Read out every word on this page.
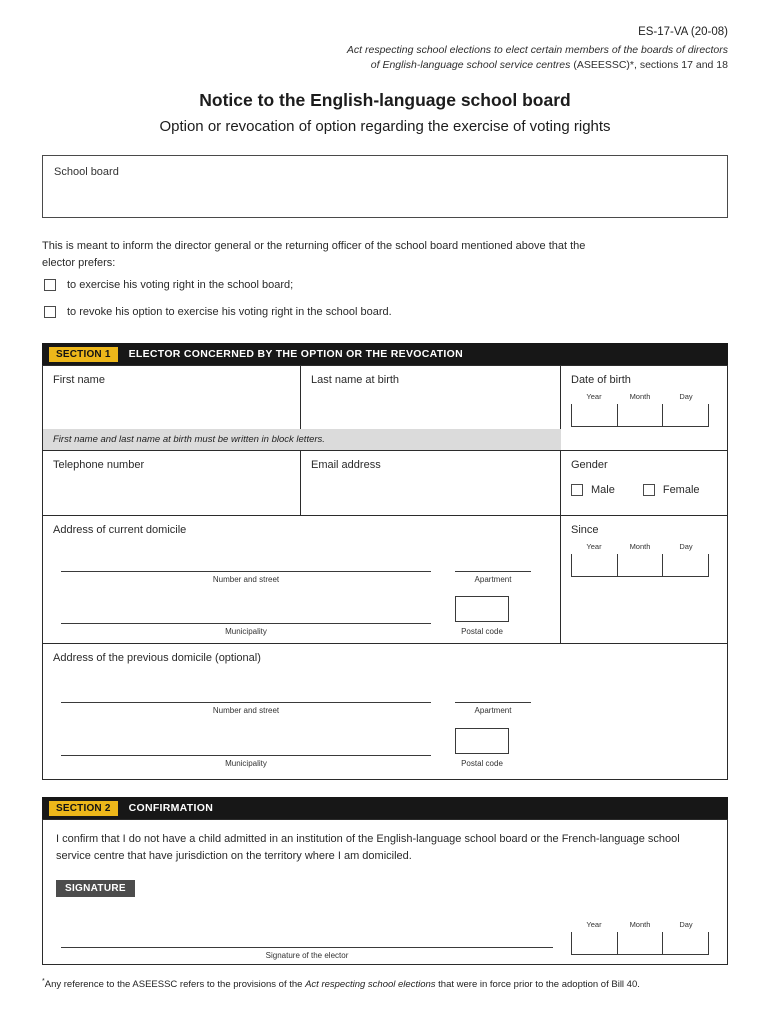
ES-17-VA (20-08)
Act respecting school elections to elect certain members of the boards of directors
of English-language school service centres (ASEESSC)*, sections 17 and 18
Notice to the English-language school board
Option or revocation of option regarding the exercise of voting rights
School board
This is meant to inform the director general or the returning officer of the school board mentioned above that the elector prefers:
to exercise his voting right in the school board;
to revoke his option to exercise his voting right in the school board.
SECTION 1	ELECTOR CONCERNED BY THE OPTION OR THE REVOCATION
First name	Last name at birth	Date of birth
Year	Month	Day
First name and last name at birth must be written in block letters.
Telephone number	Email address	Gender
Male	Female
Address of current domicile
Number and street	Apartment
Municipality	Postal code
Since
Year	Month	Day
Address of the previous domicile (optional)
Number and street	Apartment
Municipality	Postal code
SECTION 2	CONFIRMATION
I confirm that I do not have a child admitted in an institution of the English-language school board or the French-language school service centre that have jurisdiction on the territory where I am domiciled.
SIGNATURE
Signature of the elector
Year	Month	Day
*Any reference to the ASEESSC refers to the provisions of the Act respecting school elections that were in force prior to the adoption of Bill 40.
